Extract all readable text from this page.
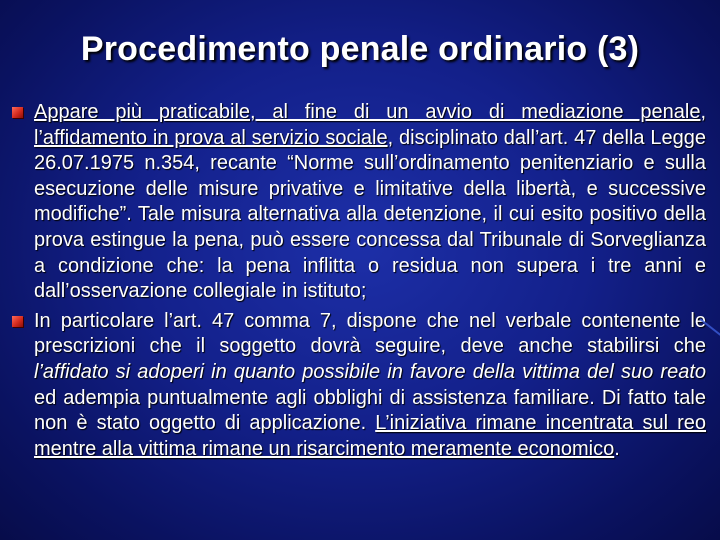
Procedimento penale ordinario (3)
Appare più praticabile, al fine di un avvio di mediazione penale, l’affidamento in prova al servizio sociale, disciplinato dall’art. 47 della Legge 26.07.1975 n.354, recante “Norme sull’ordinamento penitenziario e sulla esecuzione delle misure privative e limitative della libertà, e successive modifiche”. Tale misura alternativa alla detenzione, il cui esito positivo della prova estingue la pena, può essere concessa dal Tribunale di Sorveglianza a condizione che: la pena inflitta o residua non supera i tre anni e dall’osservazione collegiale in istituto;
In particolare l’art. 47 comma 7, dispone che nel verbale contenente le prescrizioni che il soggetto dovrà seguire, deve anche stabilirsi che l’affidato si adoperi in quanto possibile in favore della vittima del suo reato ed adempia puntualmente agli obblighi di assistenza familiare. Di fatto tale non è stato oggetto di applicazione. L’iniziativa rimane incentrata sul reo mentre alla vittima rimane un risarcimento meramente economico.
